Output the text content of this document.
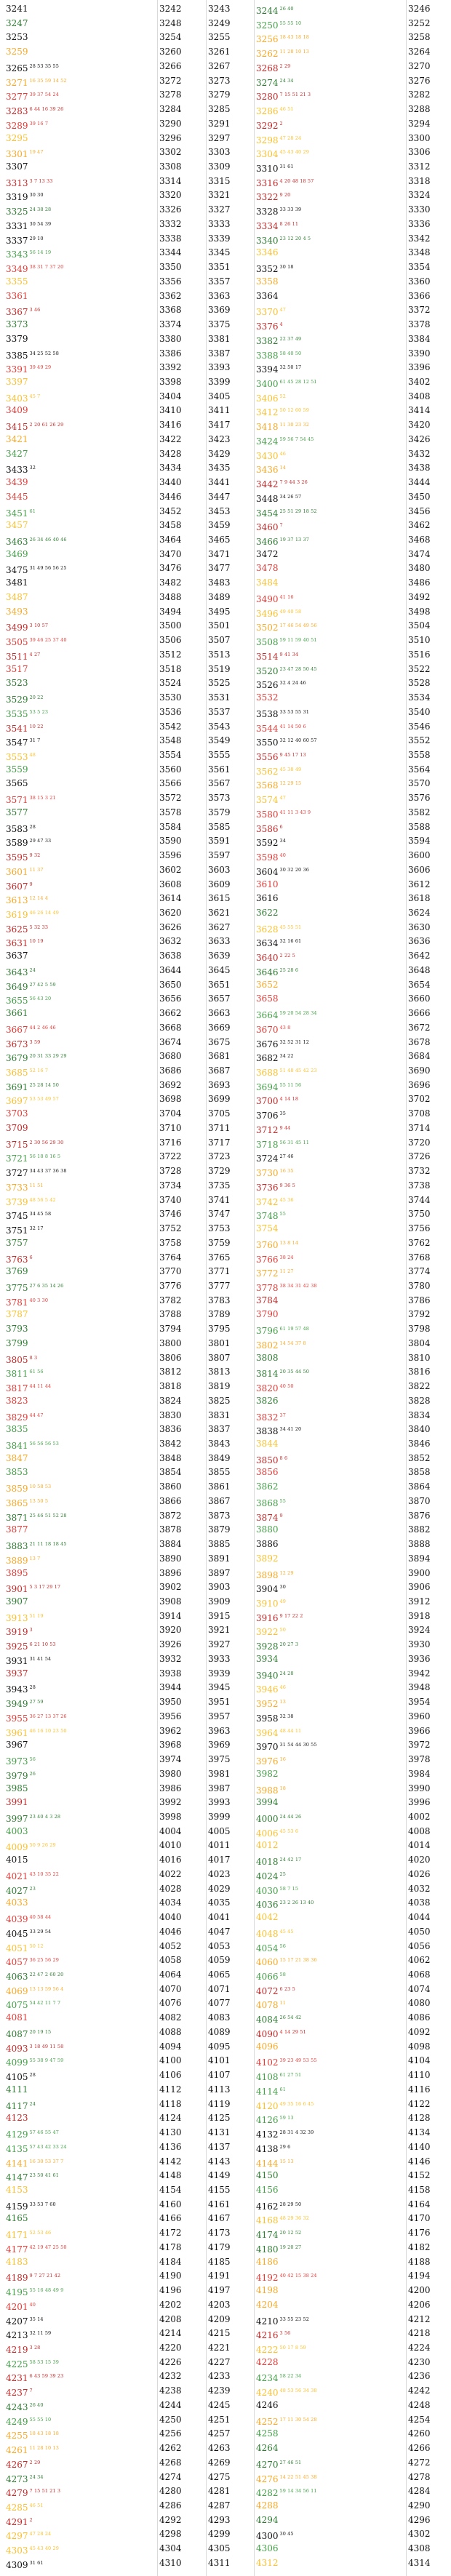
3241	3242	3243	3244 $^{26 40}$	3246
3247	3248	3249	3250 $^{55 55 10}$	3252
3253	3254	3255	3256 $^{18 43 18 18}$	3258
3259	3260	3261	3262 $^{11 28 10 13}$	3264
3265 $^{28 53 35 55}$	3266	3267	3268 $^{2 29}$	3270
3271 $^{16 35 59 14 52}$	3272	3273	3274 $^{24 34}$	3276
3277 $^{39 37 54 24}$	3278	3279	3280 $^{7 15 51 21 3}$	3282
3283 $^{6 44 16 39 26}$	3284	3285	3286 $^{46 51}$	3288
3289 $^{39 16 7}$	3290	3291	3292 $^2$	3294
3295	3296	3297	3298 $^{47 28 24}$	3300
3301 $^{19 47}$	3302	3303	3304 $^{45 43 40 29}$	3306
3307	3308	3309	3310 $^{31 61}$	3312
3313 $^{3 7 13 33}$	3314	3315	3316 $^{4 20 48 18 57}$	3318
3319 $^{30 30}$	3320	3321	3322 $^{9 20}$	3324
3325 $^{24 38 28}$	3326	3327	3328 $^{33 33 39}$	3330
3331 $^{30 54 39}$	3332	3333	3334 $^{8 26 11}$	3336
3337 $^{29 10}$	3338	3339	3340 $^{23 12 20 4 5}$	3342
3343 $^{56 14 19}$	3344	3345	3346	3348
3349 $^{38 31 7 37 20}$	3350	3351	3352 $^{30 18}$	3354
3355	3356	3357	3358	3360
3361	3362	3363	3364	3366
3367 $^{3 46}$	3368	3369	3370 $^{47}$	3372
3373	3374	3375	3376 $^4$	3378
3379	3380	3381	3382 $^{22 37 49}$	3384
3385 $^{34 25 52 58}$	3386	3387	3388 $^{58 40 50}$	3390
3391 $^{39 49 29}$	3392	3393	3394 $^{32 50 17}$	3396
3397	3398	3399	3400 $^{61 45 28 12 51}$	3402
3403 $^{45 7}$	3404	3405	3406 $^{52}$	3408
3409	3410	3411	3412 $^{50 12 60 59}$	3414
3415 $^{2 20 61 26 29}$	3416	3417	3418 $^{11 30 23 32}$	3420
3421	3422	3423	3424 $^{59 56 7 54 45}$	3426
3427	3428	3429	3430 $^{46}$	3432
3433 $^{32}$	3434	3435	3436 $^{14}$	3438
3439	3440	3441	3442 $^{7 9 44 3 26}$	3444
3445	3446	3447	3448 $^{34 26 57}$	3450
3451 $^{61}$	3452	3453	3454 $^{25 51 29 18 52}$	3456
3457	3458	3459	3460 $^7$	3462
3463 $^{26 34 46 40 46}$	3464	3465	3466 $^{19 37 13 37}$	3468
3469	3470	3471	3472	3474
3475 $^{31 49 56 56 25}$	3476	3477	3478	3480
3481	3482	3483	3484	3486
3487	3488	3489	3490 $^{41 16}$	3492
3493	3494	3495	3496 $^{49 40 58}$	3498
3499 $^{3 10 57}$	3500	3501	3502 $^{17 46 54 49 56}$	3504
3505 $^{39 46 25 37 40}$	3506	3507	3508 $^{59 11 59 40 51}$	3510
3511 $^{4 27}$	3512	3513	3514 $^{9 41 34}$	3516
3517	3518	3519	3520 $^{23 47 28 50 45}$	3522
3523	3524	3525	3526 $^{32 4 24 46}$	3528
3529 $^{20 22}$	3530	3531	3532	3534
3535 $^{53 5 23}$	3536	3537	3538 $^{33 53 55 31}$	3540
3541 $^{10 22}$	3542	3543	3544 $^{41 14 50 6}$	3546
3547 $^{31 7}$	3548	3549	3550 $^{32 12 40 60 57}$	3552
3553 $^{48}$	3554	3555	3556 $^{9 45 17 13}$	3558
3559	3560	3561	3562 $^{45 38 49}$	3564
3565	3566	3567	3568 $^{12 29 15}$	3570
3571 $^{38 15 3 21}$	3572	3573	3574 $^{47}$	3576
3577	3578	3579	3580 $^{41 11 3 43 9}$	3582
3583 $^{28}$	3584	3585	3586 $^6$	3588
3589 $^{29 47 33}$	3590	3591	3592 $^{34}$	3594
3595 $^{9 32}$	3596	3597	3598 $^{40}$	3600
3601 $^{11 37}$	3602	3603	3604 $^{30 32 20 36}$	3606
3607 $^9$	3608	3609	3610	3612
3613 $^{12 14 4}$	3614	3615	3616	3618
3619 $^{46 26 14 49}$	3620	3621	3622	3624
3625 $^{5 32 33}$	3626	3627	3628 $^{45 55 51}$	3630
3631 $^{10 19}$	3632	3633	3634 $^{32 16 61}$	3636
3637	3638	3639	3640 $^{2 22 5}$	3642
3643 $^{24}$	3644	3645	3646 $^{25 28 6}$	3648
3649 $^{27 42 5 59}$	3650	3651	3652	3654
3655 $^{56 43 20}$	3656	3657	3658	3660
3661	3662	3663	3664 $^{59 20 54 28 34}$	3666
3667 $^{44 2 46 46}$	3668	3669	3670 $^{43 8}$	3672
3673 $^{3 59}$	3674	3675	3676 $^{32 52 31 12}$	3678
3679 $^{20 31 33 29 29}$	3680	3681	3682 $^{34 22}$	3684
3685 $^{52 16 7}$	3686	3687	3688 $^{51 48 45 42 23}$	3690
3691 $^{25 28 14 50}$	3692	3693	3694 $^{55 11 56}$	3696
3697 $^{53 53 49 57}$	3698	3699	3700 $^{4 14 18}$	3702
3703	3704	3705	3706 $^{35}$	3708
3709	3710	3711	3712 $^{9 44}$	3714
3715 $^{2 30 56 29 30}$	3716	3717	3718 $^{56 31 45 11}$	3720
3721 $^{56 18 8 16 5}$	3722	3723	3724 $^{27 46}$	3726
3727 $^{34 43 37 36 38}$	3728	3729	3730 $^{16 35}$	3732
3733 $^{11 51}$	3734	3735	3736 $^{9 36 5}$	3738
3739 $^{48 56 5 42}$	3740	3741	3742 $^{45 36}$	3744
3745 $^{34 45 58}$	3746	3747	3748 $^{55}$	3750
3751 $^{32 17}$	3752	3753	3754	3756
3757	3758	3759	3760 $^{13 8 14}$	3762
3763 $^6$	3764	3765	3766 $^{38 24}$	3768
3769	3770	3771	3772 $^{11 27}$	3774
3775 $^{27 6 35 14 26}$	3776	3777	3778 $^{38 34 31 42 38}$	3780
3781 $^{40 3 30}$	3782	3783	3784	3786
3787	3788	3789	3790	3792
3793	3794	3795	3796 $^{61 19 57 48}$	3798
3799	3800	3801	3802 $^{14 54 37 8}$	3804
3805 $^{8 3}$	3806	3807	3808	3810
3811 $^{61 56}$	3812	3813	3814 $^{20 35 44 50}$	3816
3817 $^{44 11 44}$	3818	3819	3820 $^{40 50}$	3822
3823	3824	3825	3826	3828
3829 $^{44 47}$	3830	3831	3832 $^{37}$	3834
3835	3836	3837	3838 $^{34 41 20}$	3840
3841 $^{56 56 56 53}$	3842	3843	3844	3846
3847	3848	3849	3850 $^{8 6}$	3852
3853	3854	3855	3856	3858
3859 $^{10 58 53}$	3860	3861	3862	3864
3865 $^{13 50 5}$	3866	3867	3868 $^{55}$	3870
3871 $^{25 46 51 52 28}$	3872	3873	3874 $^9$	3876
3877	3878	3879	3880	3882
3883 $^{21 11 18 18 45}$	3884	3885	3886	3888
3889 $^{13 7}$	3890	3891	3892	3894
3895	3896	3897	3898 $^{12 29}$	3900
3901 $^{5 3 17 29 17}$	3902	3903	3904 $^{30}$	3906
3907	3908	3909	3910 $^{49}$	3912
3913 $^{51 19}$	3914	3915	3916 $^{9 17 22 2}$	3918
3919 $^3$	3920	3921	3922 $^{50}$	3924
3925 $^{6 21 10 53}$	3926	3927	3928 $^{20 27 3}$	3930
3931 $^{31 41 54}$	3932	3933	3934	3936
3937	3938	3939	3940 $^{24 28}$	3942
3943 $^{28}$	3944	3945	3946 $^{46}$	3948
3949 $^{27 59}$	3950	3951	3952 $^{13}$	3954
3955 $^{36 27 13 37 26}$	3956	3957	3958 $^{32 38}$	3960
3961 $^{46 16 10 23 50}$	3962	3963	3964 $^{48 44 11}$	3966
3967	3968	3969	3970 $^{31 54 44 30 55}$	3972
3973 $^{56}$	3974	3975	3976 $^{16}$	3978
3979 $^{26}$	3980	3981	3982	3984
3985	3986	3987	3988 $^{18}$	3990
3991	3992	3993	3994	3996
3997 $^{23 40 4 3 28}$	3998	3999	4000 $^{24 44 26}$	4002
4003	4004	4005	4006 $^{45 53 6}$	4008
4009 $^{50 9 26 29}$	4010	4011	4012	4014
4015	4016	4017	4018 $^{24 42 17}$	4020
4021 $^{43 10 35 22}$	4022	4023	4024 $^{25}$	4026
4027 $^{23}$	4028	4029	4030 $^{58 7 15}$	4032
4033	4034	4035	4036 $^{23 2 26 13 40}$	4038
4039 $^{40 58 44}$	4040	4041	4042	4044
4045 $^{33 29 54}$	4046	4047	4048 $^{45 45}$	4050
4051 $^{50 12}$	4052	4053	4054 $^{56}$	4056
4057 $^{36 25 56 29}$	4058	4059	4060 $^{15 17 21 38 36}$	4062
4063 $^{22 47 2 60 20}$	4064	4065	4066 $^{58}$	4068
4069 $^{13 13 59 56 4}$	4070	4071	4072 $^{6 23 5}$	4074
4075 $^{54 42 11 7 7}$	4076	4077	4078 $^{11}$	4080
4081	4082	4083	4084 $^{26 54 42}$	4086
4087 $^{20 19 15}$	4088	4089	4090 $^{4 14 29 51}$	4092
4093 $^{3 18 49 11 58}$	4094	4095	4096	4098
4099 $^{55 38 9 47 59}$	4100	4101	4102 $^{39 23 49 53 55}$	4104
4105 $^{28}$	4106	4107	4108 $^{61 27 51}$	4110
4111	4112	4113	4114 $^{61}$	4116
4117 $^{24}$	4118	4119	4120 $^{49 35 16 6 45}$	4122
4123	4124	4125	4126 $^{59 13}$	4128
4129 $^{57 46 55 47}$	4130	4131	4132 $^{28 31 4 32 39}$	4134
4135 $^{57 43 42 33 24}$	4136	4137	4138 $^{29 6}$	4140
4141 $^{16 30 53 37 7}$	4142	4143	4144 $^{15 13}$	4146
4147 $^{23 50 41 61}$	4148	4149	4150	4152
4153	4154	4155	4156	4158
4159 $^{33 53 7 60}$	4160	4161	4162 $^{28 29 50}$	4164
4165	4166	4167	4168 $^{48 29 36 32}$	4170
4171 $^{52 53 46}$	4172	4173	4174 $^{20 12 52}$	4176
4177 $^{42 19 47 25 50}$	4178	4179	4180 $^{19 20 27}$	4182
4183	4184	4185	4186	4188
4189 $^{9 7 27 21 42}$	4190	4191	4192 $^{40 42 15 38 24}$	4194
4195 $^{55 16 48 49 9}$	4196	4197	4198	4200
4201 $^{40}$	4202	4203	4204	4206
4207 $^{35 14}$	4208	4209	4210 $^{33 55 23 52}$	4212
4213 $^{32 11 59}$	4214	4215	4216 $^{3 56}$	4218
4219 $^{3 28}$	4220	4221	4222 $^{50 17 8 59}$	4224
4225 $^{58 53 15 39}$	4226	4227	4228	4230
4231 $^{6 43 59 39 23}$	4232	4233	4234 $^{58 22 34}$	4236
4237 $^7$	4238	4239	4240 $^{48 53 56 34 38}$	4242
4243 $^{26 40}$	4244	4245	4246	4248
4249 $^{55 55 10}$	4250	4251	4252 $^{17 11 30 54 28}$	4254
4255 $^{18 43 18 18}$	4256	4257	4258	4260
4261 $^{11 28 10 13}$	4262	4263	4264	4266
4267 $^{2 29}$	4268	4269	4270 $^{27 46 51}$	4272
4273 $^{24 34}$	4274	4275	4276 $^{14 22 51 45 38}$	4278
4279 $^{7 15 51 21 3}$	4280	4281	4282 $^{59 14 34 56 11}$	4284
4285 $^{46 51}$	4286	4287	4288	4290
4291 $^2$	4292	4293	4294	4296
4297 $^{47 28 24}$	4298	4299	4300 $^{30 45}$	4302
4303 $^{45 43 40 29}$	4304	4305	4306	4308
4309 $^{31 61}$	4310	4311	4312	4314
